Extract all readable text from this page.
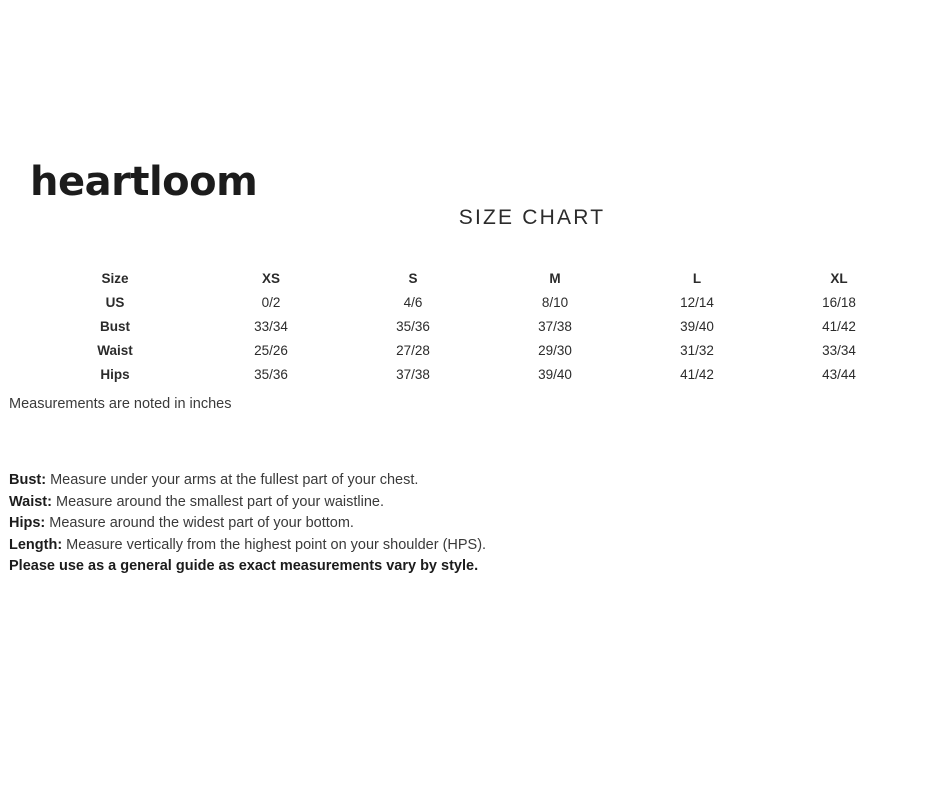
heartloom
SIZE CHART
Size	XS	S	M	L	XL
US	0/2	4/6	8/10	12/14	16/18
Bust	33/34	35/36	37/38	39/40	41/42
Waist	25/26	27/28	29/30	31/32	33/34
Hips	35/36	37/38	39/40	41/42	43/44
Measurements are noted in inches
Bust: Measure under your arms at the fullest part of your chest.
Waist: Measure around the smallest part of your waistline.
Hips: Measure around the widest part of your bottom.
Length: Measure vertically from the highest point on your shoulder (HPS).
Please use as a general guide as exact measurements vary by style.
